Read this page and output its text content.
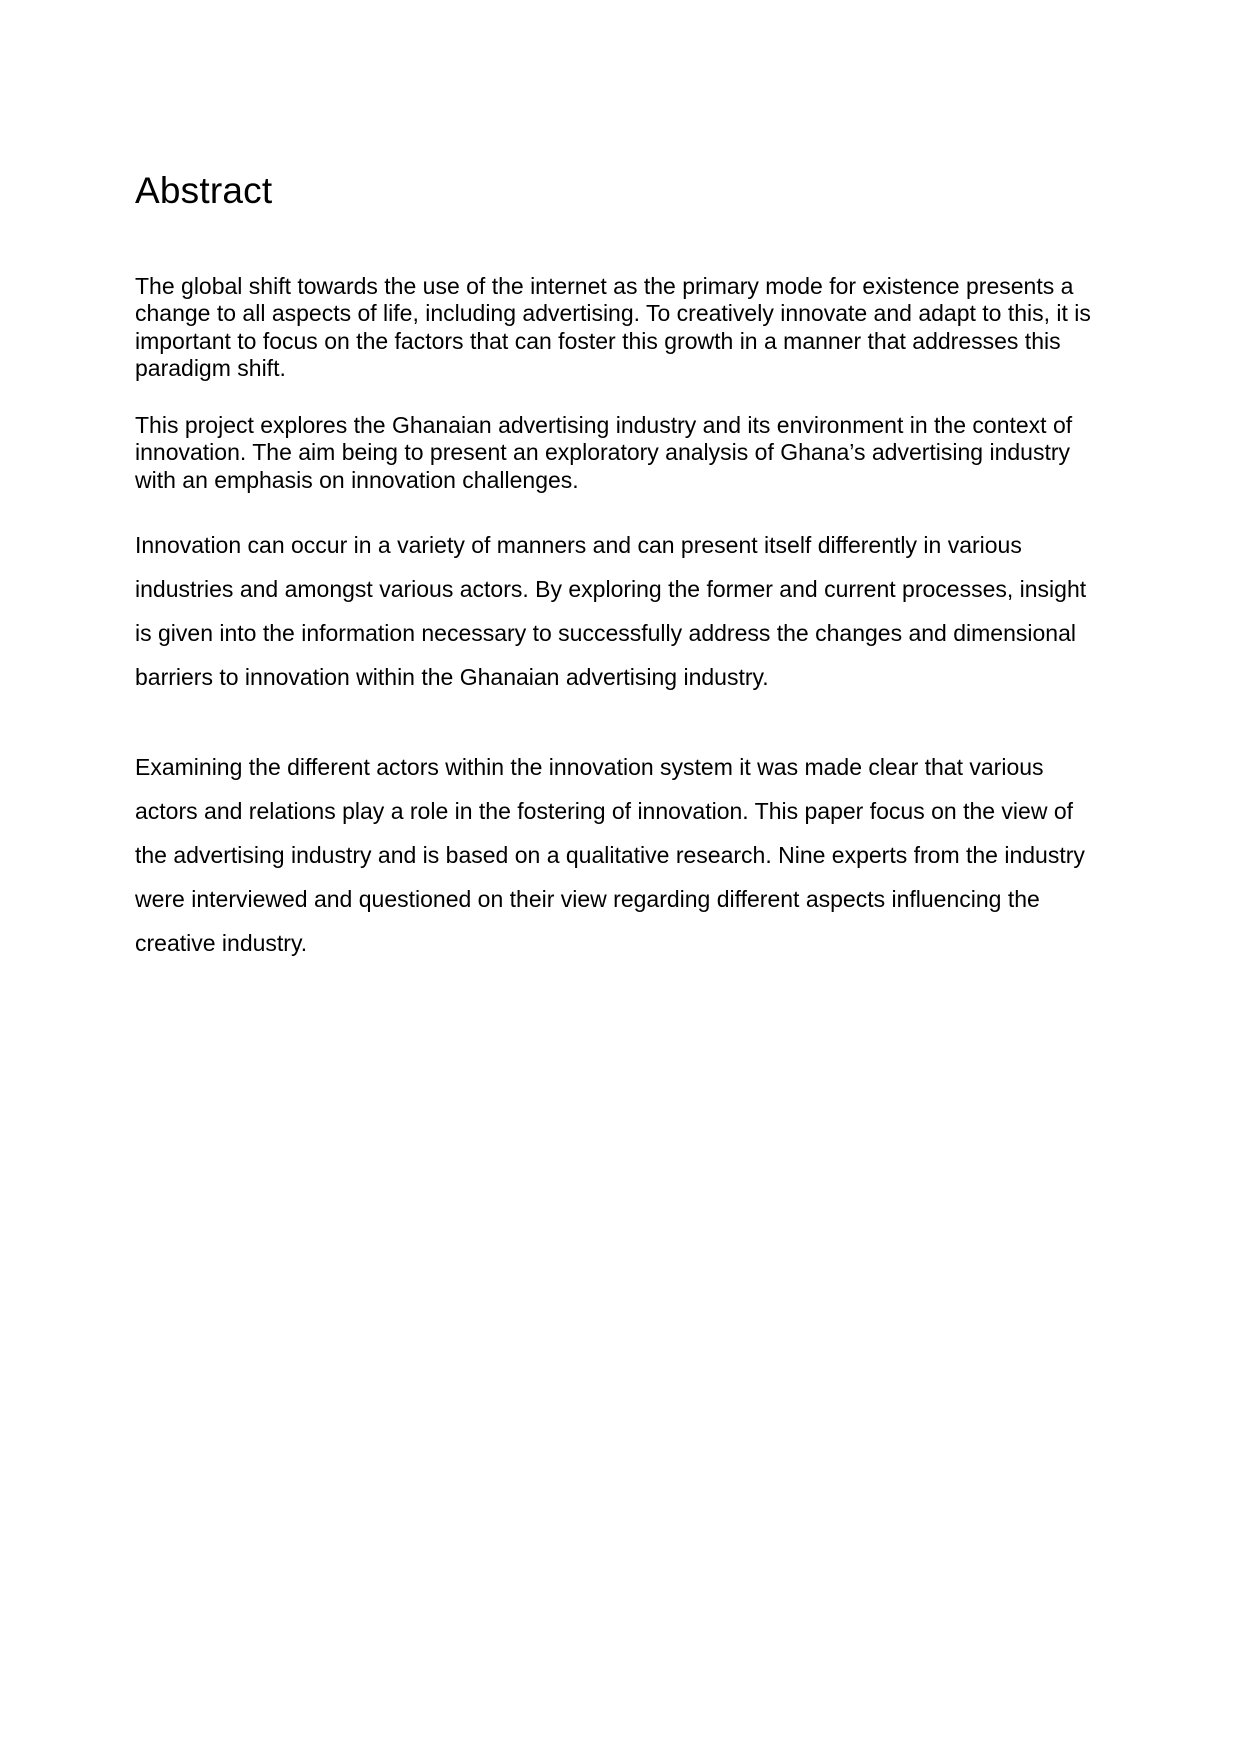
Abstract

The global shift towards the use of the internet as the primary mode for existence presents a change to all aspects of life, including advertising. To creatively innovate and adapt to this, it is important to focus on the factors that can foster this growth in a manner that addresses this paradigm shift.

This project explores the Ghanaian advertising industry and its environment in the context of innovation. The aim being to present an exploratory analysis of Ghana’s advertising industry with an emphasis on innovation challenges.

Innovation can occur in a variety of manners and can present itself differently in various industries and amongst various actors. By exploring the former and current processes, insight is given into the information necessary to successfully address the changes and dimensional barriers to innovation within the Ghanaian advertising industry.

Examining the different actors within the innovation system it was made clear that various actors and relations play a role in the fostering of innovation. This paper focus on the view of the advertising industry and is based on a qualitative research. Nine experts from the industry were interviewed and questioned on their view regarding different aspects influencing the creative industry.
